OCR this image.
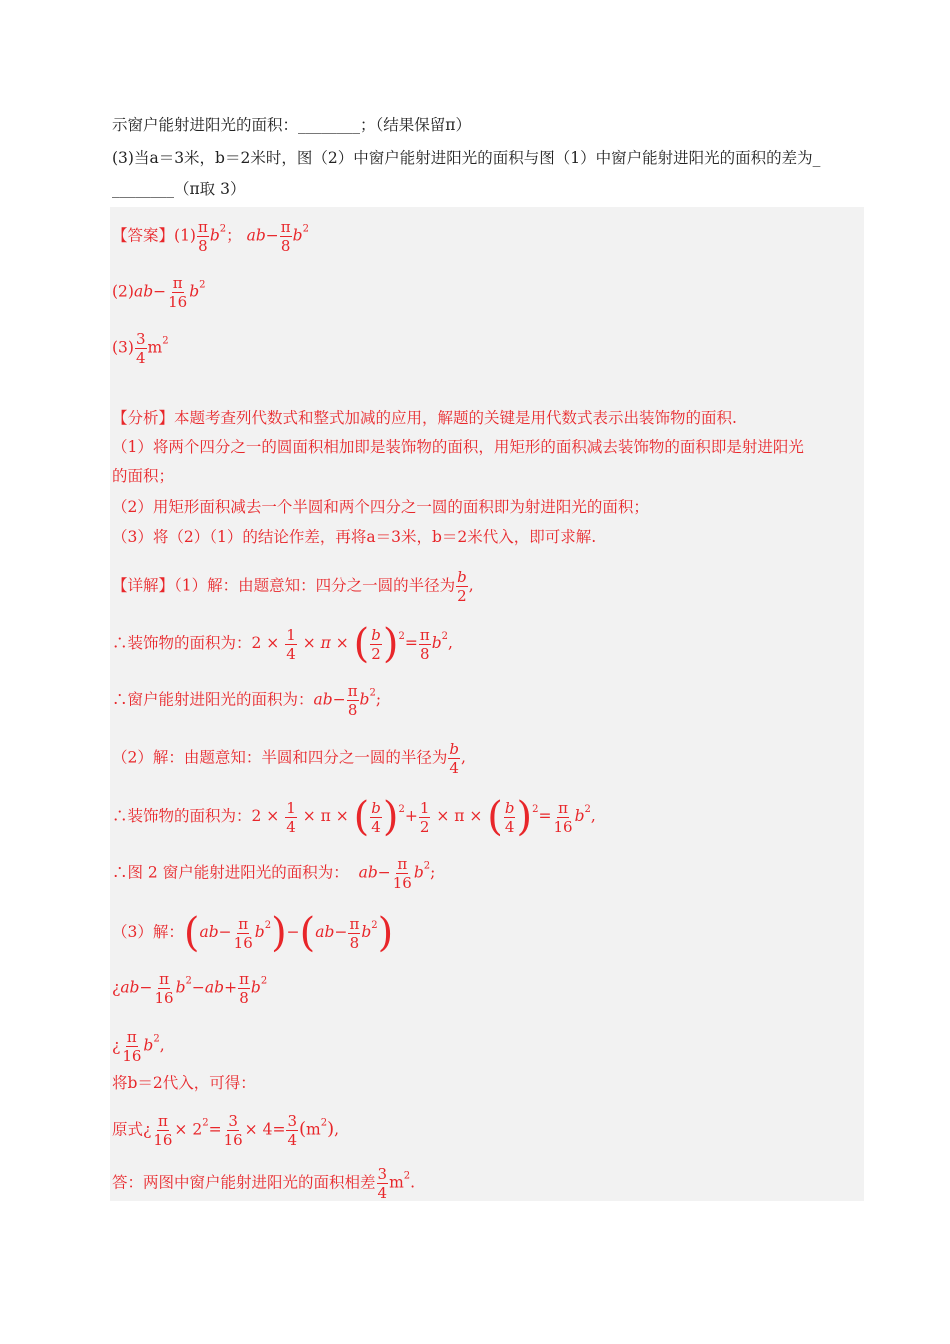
示窗户能射进阳光的面积：________；（结果保留π）
(3)当a＝3米，b＝2米时，图（2）中窗户能射进阳光的面积与图（1）中窗户能射进阳光的面积的差为_
________（π取 3）
【答案】$(1) \frac{\pi}{8} b^2$； $ab- \frac{\pi}{8} b^2$
$(2)ab- \frac{\pi}{16} b^2$
$(3) \frac{3}{4} m^2$
【分析】本题考查列代数式和整式加减的应用，解题的关键是用代数式表示出装饰物的面积.
（1）将两个四分之一的圆面积相加即是装饰物的面积，用矩形的面积减去装饰物的面积即是射进阳光
的面积；
（2）用矩形面积减去一个半圆和两个四分之一圆的面积即为射进阳光的面积；
（3）将（2）（1）的结论作差，再将a＝3米，b＝2米代入，即可求解.
【详解】（1）解：由题意知：四分之一圆的半径为 $\frac{b}{2}$ ,
∴装饰物的面积为：$2 \times \frac{1}{4} \times \pi$ × ( $\frac{b}{2} )^2= \frac{\pi}{8} b^2$,
∴窗户能射进阳光的面积为：$ab- \frac{\pi}{8} b^2$;
（2）解：由题意知：半圆和四分之一圆的半径为 $\frac{b}{4}$ ,
∴装饰物的面积为：$2 \times \frac{1}{4} \times \pi$ × ( $\frac{b}{4} )^2+ \frac{1}{2} \times \pi$ × ( $\frac{b}{4} )^2= \frac{\pi}{16} b^2$,
∴图 2 窗户能射进阳光的面积为： $ab- \frac{\pi}{16} b^2$;
（3）解：$(ab- \frac{\pi}{16} b^2)-(ab- \frac{\pi}{8} b^2)$
¿$ab- \frac{\pi}{16} b^2-ab+ \frac{\pi}{8} b^2$
¿ $\frac{\pi}{16} b^2$,
将b＝2代入，可得：
原式¿ $\frac{\pi}{16} \times 2^2= \frac{3}{16} \times 4= \frac{3}{4} (m^2)$,
答：两图中窗户能射进阳光的面积相差 $\frac{3}{4} m^2$.
